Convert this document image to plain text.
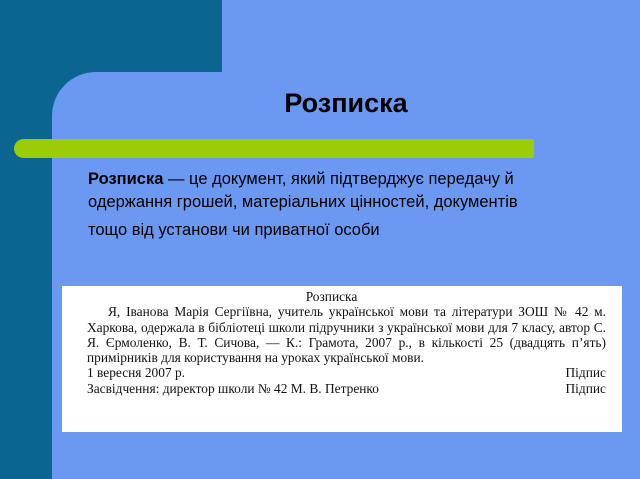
Розписка

Розписка — це документ, який підтверджує передачу й одержання грошей, матеріальних цінностей, документів
тощо від установи чи приватної особи

Розписка
Я, Іванова Марія Сергіївна, учитель української мови та літератури ЗОШ № 42 м. Харкова, одержала в бібліотеці школи підручники з української мови для 7 класу, автор С. Я. Єрмоленко, В. Т. Сичова, — К.: Грамота, 2007 р., в кількості 25 (двадцять п’ять) примірників для користування на уроках української мови.
1 вересня 2007 р.	Підпис
Засвідчення: директор школи № 42 М. В. Петренко	Підпис
